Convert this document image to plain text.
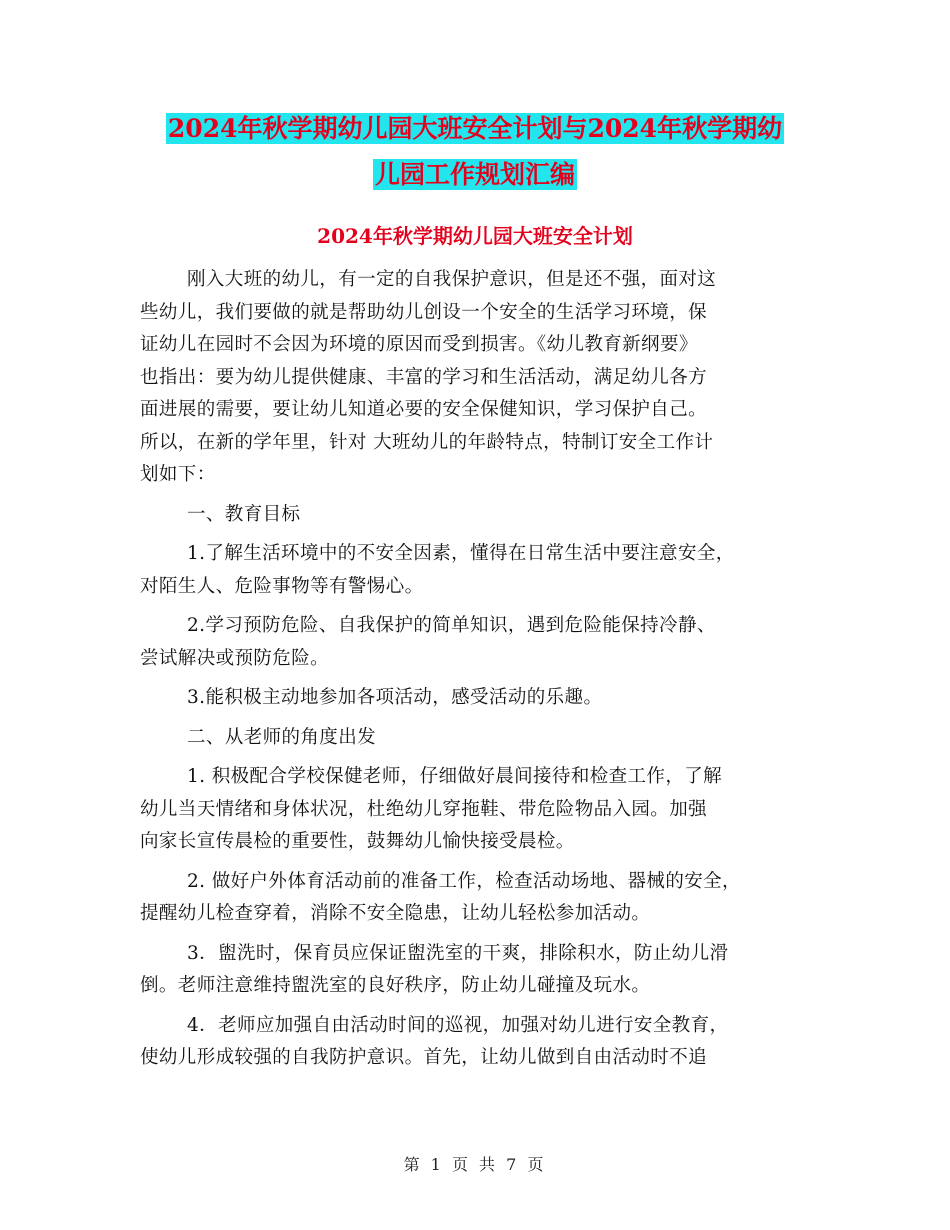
2024年秋学期幼儿园大班安全计划与2024年秋学期幼
儿园工作规划汇编
2024年秋学期幼儿园大班安全计划
刚入大班的幼儿，有一定的自我保护意识，但是还不强，面对这
些幼儿，我们要做的就是帮助幼儿创设一个安全的生活学习环境，保
证幼儿在园时不会因为环境的原因而受到损害。《幼儿教育新纲要》
也指出：要为幼儿提供健康、丰富的学习和生活活动，满足幼儿各方
面进展的需要，要让幼儿知道必要的安全保健知识，学习保护自己。
所以，在新的学年里，针对 大班幼儿的年龄特点，特制订安全工作计
划如下：
一、教育目标
1.了解生活环境中的不安全因素，懂得在日常生活中要注意安全，
对陌生人、危险事物等有警惕心。
2.学习预防危险、自我保护的简单知识，遇到危险能保持冷静、
尝试解决或预防危险。
3.能积极主动地参加各项活动，感受活动的乐趣。
二、从老师的角度出发
1. 积极配合学校保健老师，仔细做好晨间接待和检查工作，了解
幼儿当天情绪和身体状况，杜绝幼儿穿拖鞋、带危险物品入园。加强
向家长宣传晨检的重要性，鼓舞幼儿愉快接受晨检。
2. 做好户外体育活动前的准备工作，检查活动场地、器械的安全，
提醒幼儿检查穿着，消除不安全隐患，让幼儿轻松参加活动。
3．盥洗时，保育员应保证盥洗室的干爽，排除积水，防止幼儿滑
倒。老师注意维持盥洗室的良好秩序，防止幼儿碰撞及玩水。
4．老师应加强自由活动时间的巡视，加强对幼儿进行安全教育，
使幼儿形成较强的自我防护意识。首先，让幼儿做到自由活动时不追
第 1 页 共 7 页
